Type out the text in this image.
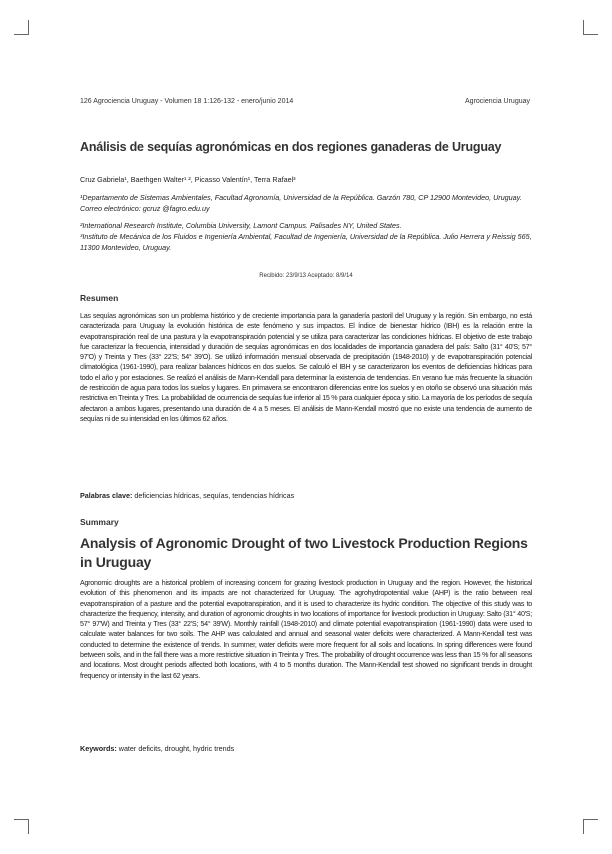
126 Agrociencia Uruguay - Volumen 18 1:126-132 - enero/junio 2014	Agrociencia Uruguay
Análisis de sequías agronómicas en dos regiones ganaderas de Uruguay
Cruz Gabriela¹, Baethgen Walter¹ ², Picasso Valentín¹, Terra Rafael³
¹Departamento de Sistemas Ambientales, Facultad Agronomía, Universidad de la República. Garzón 780, CP 12900 Montevideo, Uruguay. Correo electrónico: gcruz @fagro.edu.uy
²International Research Institute, Columbia University, Lamont Campus. Palisades NY, United States.
³Instituto de Mecánica de los Fluidos e Ingeniería Ambiental, Facultad de Ingeniería, Universidad de la República. Julio Herrera y Reissig 565, 11300 Montevideo, Uruguay.
Recibido: 23/9/13 Aceptado: 8/9/14
Resumen
Las sequías agronómicas son un problema histórico y de creciente importancia para la ganadería pastoril del Uruguay y la región. Sin embargo, no está caracterizada para Uruguay la evolución histórica de este fenómeno y sus impactos. El índice de bienestar hídrico (IBH) es la relación entre la evapotranspiración real de una pastura y la evapotranspiración potencial y se utiliza para caracterizar las condiciones hídricas. El objetivo de este trabajo fue caracterizar la frecuencia, intensidad y duración de sequías agronómicas en dos localidades de importancia ganadera del país: Salto (31° 40'S; 57° 97'O) y Treinta y Tres (33° 22'S; 54° 39'O). Se utilizó información mensual observada de precipitación (1948-2010) y de evapotranspiración potencial climatológica (1961-1990), para realizar balances hídricos en dos suelos. Se calculó el IBH y se caracterizaron los eventos de deficiencias hídricas para todo el año y por estaciones. Se realizó el análisis de Mann-Kendall para determinar la existencia de tendencias. En verano fue más frecuente la situación de restricción de agua para todos los suelos y lugares. En primavera se encontraron diferencias entre los suelos y en otoño se observó una situación más restrictiva en Treinta y Tres. La probabilidad de ocurrencia de sequías fue inferior al 15 % para cualquier época y sitio. La mayoría de los períodos de sequía afectaron a ambos lugares, presentando una duración de 4 a 5 meses. El análisis de Mann-Kendall mostró que no existe una tendencia de aumento de sequías ni de su intensidad en los últimos 62 años.
Palabras clave: deficiencias hídricas, sequías, tendencias hídricas
Summary
Analysis of Agronomic Drought of two Livestock Production Regions in Uruguay
Agronomic droughts are a historical problem of increasing concern for grazing livestock production in Uruguay and the region. However, the historical evolution of this phenomenon and its impacts are not characterized for Uruguay. The agrohydropotential value (AHP) is the ratio between real evapotranspiration of a pasture and the potential evapotranspiration, and it is used to characterize its hydric condition. The objective of this study was to characterize the frequency, intensity, and duration of agronomic droughts in two locations of importance for livestock production in Uruguay: Salto (31° 40'S; 57° 97'W) and Treinta y Tres (33° 22'S; 54° 39'W). Monthly rainfall (1948-2010) and climate potential evapotranspiration (1961-1990) data were used to calculate water balances for two soils. The AHP was calculated and annual and seasonal water deficits were characterized. A Mann-Kendall test was conducted to determine the existence of trends. In summer, water deficits were more frequent for all soils and locations. In spring differences were found between soils, and in the fall there was a more restrictive situation in Treinta y Tres. The probability of drought occurrence was less than 15 % for all seasons and locations. Most drought periods affected both locations, with 4 to 5 months duration. The Mann-Kendall test showed no significant trends in drought frequency or intensity in the last 62 years.
Keywords: water deficits, drought, hydric trends
